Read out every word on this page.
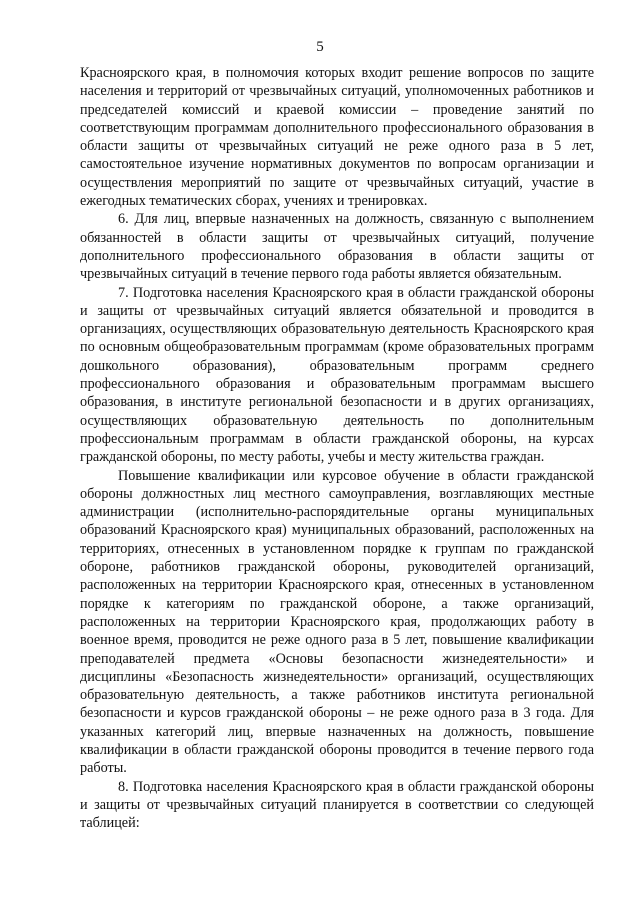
5

Красноярского края, в полномочия которых входит решение вопросов по защите населения и территорий от чрезвычайных ситуаций, уполномоченных работников и председателей комиссий и краевой комиссии – проведение занятий по соответствующим программам дополнительного профессионального образования в области защиты от чрезвычайных ситуаций не реже одного раза в 5 лет, самостоятельное изучение нормативных документов по вопросам организации и осуществления мероприятий по защите от чрезвычайных ситуаций, участие в ежегодных тематических сборах, учениях и тренировках.

6. Для лиц, впервые назначенных на должность, связанную с выполнением обязанностей в области защиты от чрезвычайных ситуаций, получение дополнительного профессионального образования в области защиты от чрезвычайных ситуаций в течение первого года работы является обязательным.

7. Подготовка населения Красноярского края в области гражданской обороны и защиты от чрезвычайных ситуаций является обязательной и проводится в организациях, осуществляющих образовательную деятельность Красноярского края по основным общеобразовательным программам (кроме образовательных программ дошкольного образования), образовательным программ среднего профессионального образования и образовательным программам высшего образования, в институте региональной безопасности и в других организациях, осуществляющих образовательную деятельность по дополнительным профессиональным программам в области гражданской обороны, на курсах гражданской обороны, по месту работы, учебы и месту жительства граждан.

Повышение квалификации или курсовое обучение в области гражданской обороны должностных лиц местного самоуправления, возглавляющих местные администрации (исполнительно-распорядительные органы муниципальных образований Красноярского края) муниципальных образований, расположенных на территориях, отнесенных в установленном порядке к группам по гражданской обороне, работников гражданской обороны, руководителей организаций, расположенных на территории Красноярского края, отнесенных в установленном порядке к категориям по гражданской обороне, а также организаций, расположенных на территории Красноярского края, продолжающих работу в военное время, проводится не реже одного раза в 5 лет, повышение квалификации преподавателей предмета «Основы безопасности жизнедеятельности» и дисциплины «Безопасность жизнедеятельности» организаций, осуществляющих образовательную деятельность, а также работников института региональной безопасности и курсов гражданской обороны – не реже одного раза в 3 года. Для указанных категорий лиц, впервые назначенных на должность, повышение квалификации в области гражданской обороны проводится в течение первого года работы.

8. Подготовка населения Красноярского края в области гражданской обороны и защиты от чрезвычайных ситуаций планируется в соответствии со следующей таблицей:
